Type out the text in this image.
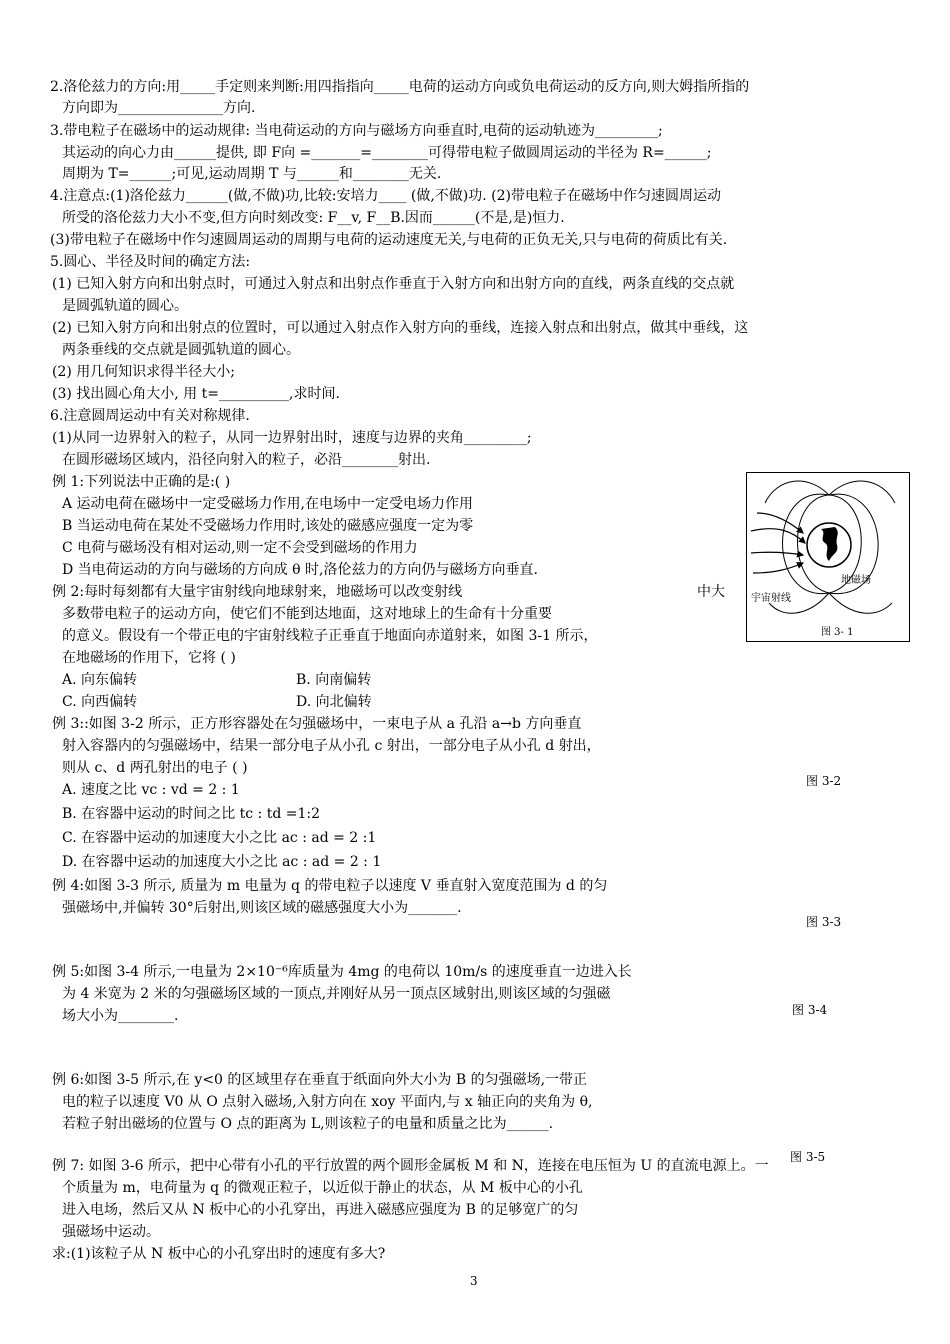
2.洛伦兹力的方向:用_____手定则来判断:用四指指向_____电荷的运动方向或负电荷运动的反方向,则大姆指所指的
方向即为_______________方向.
3.带电粒子在磁场中的运动规律: 当电荷运动的方向与磁场方向垂直时,电荷的运动轨迹为_________;
其运动的向心力由______提供, 即 F向 =_______=________可得带电粒子做圆周运动的半径为 R=______;
周期为 T=______;可见,运动周期 T 与______和________无关.
4.注意点:(1)洛伦兹力______(做,不做)功,比较:安培力____ (做,不做)功. (2)带电粒子在磁场中作匀速圆周运动
所受的洛伦兹力大小不变,但方向时刻改变: F__v, F__B.因而______(不是,是)恒力.
(3)带电粒子在磁场中作匀速圆周运动的周期与电荷的运动速度无关,与电荷的正负无关,只与电荷的荷质比有关.
5.圆心、半径及时间的确定方法:
(1) 已知入射方向和出射点时，可通过入射点和出射点作垂直于入射方向和出射方向的直线，两条直线的交点就
是圆弧轨道的圆心。
(2) 已知入射方向和出射点的位置时，可以通过入射点作入射方向的垂线，连接入射点和出射点，做其中垂线，这
两条垂线的交点就是圆弧轨道的圆心。
(2) 用几何知识求得半径大小;
(3) 找出圆心角大小, 用 t=__________,求时间.
6.注意圆周运动中有关对称规律.
(1)从同一边界射入的粒子，从同一边界射出时，速度与边界的夹角_________;
在圆形磁场区域内，沿径向射入的粒子，必沿________射出.
例 1:下列说法中正确的是:( )
A 运动电荷在磁场中一定受磁场力作用,在电场中一定受电场力作用
B 当运动电荷在某处不受磁场力作用时,该处的磁感应强度一定为零
C 电荷与磁场没有相对运动,则一定不会受到磁场的作用力
D 当电荷运动的方向与磁场的方向成 θ 时,洛伦兹力的方向仍与磁场方向垂直.
例 2:每时每刻都有大量宇宙射线向地球射来，地磁场可以改变射线	中大
多数带电粒子的运动方向，使它们不能到达地面，这对地球上的生命有十分重要
的意义。假设有一个带正电的宇宙射线粒子正垂直于地面向赤道射来，如图 3-1 所示，
在地磁场的作用下，它将 ( )
A. 向东偏转	B. 向南偏转
C. 向西偏转	D. 向北偏转
例 3::如图 3-2 所示，正方形容器处在匀强磁场中，一束电子从 a 孔沿 a→b 方向垂直
射入容器内的匀强磁场中，结果一部分电子从小孔 c 射出，一部分电子从小孔 d 射出，
则从 c、d 两孔射出的电子 ( )
A. 速度之比 vc : vd = 2 : 1
B. 在容器中运动的时间之比 tc : td =1:2
C. 在容器中运动的加速度大小之比 ac : ad = 2 :1
D. 在容器中运动的加速度大小之比 ac : ad = 2 : 1
例 4:如图 3-3 所示, 质量为 m 电量为 q 的带电粒子以速度 V 垂直射入宽度范围为 d 的匀
强磁场中,并偏转 30°后射出,则该区域的磁感强度大小为_______.
例 5:如图 3-4 所示,一电量为 2×10⁻⁶库质量为 4mg 的电荷以 10m/s 的速度垂直一边进入长
为 4 米宽为 2 米的匀强磁场区域的一顶点,并刚好从另一顶点区域射出,则该区域的匀强磁
场大小为________.
例 6:如图 3-5 所示,在 y<0 的区域里存在垂直于纸面向外大小为 B 的匀强磁场,一带正
电的粒子以速度 V0 从 O 点射入磁场,入射方向在 xoy 平面内,与 x 轴正向的夹角为 θ,
若粒子射出磁场的位置与 O 点的距离为 L,则该粒子的电量和质量之比为______.
例 7: 如图 3-6 所示，把中心带有小孔的平行放置的两个圆形金属板 M 和 N，连接在电压恒为 U 的直流电源上。一
个质量为 m，电荷量为 q 的微观正粒子，以近似于静止的状态，从 M 板中心的小孔
进入电场，然后又从 N 板中心的小孔穿出，再进入磁感应强度为 B 的足够宽广的匀
强磁场中运动。
求:(1)该粒子从 N 板中心的小孔穿出时的速度有多大?
地磁场
宇宙射线
图 3- 1
图 3-2
图 3-3
图 3-4
图 3-5
3
